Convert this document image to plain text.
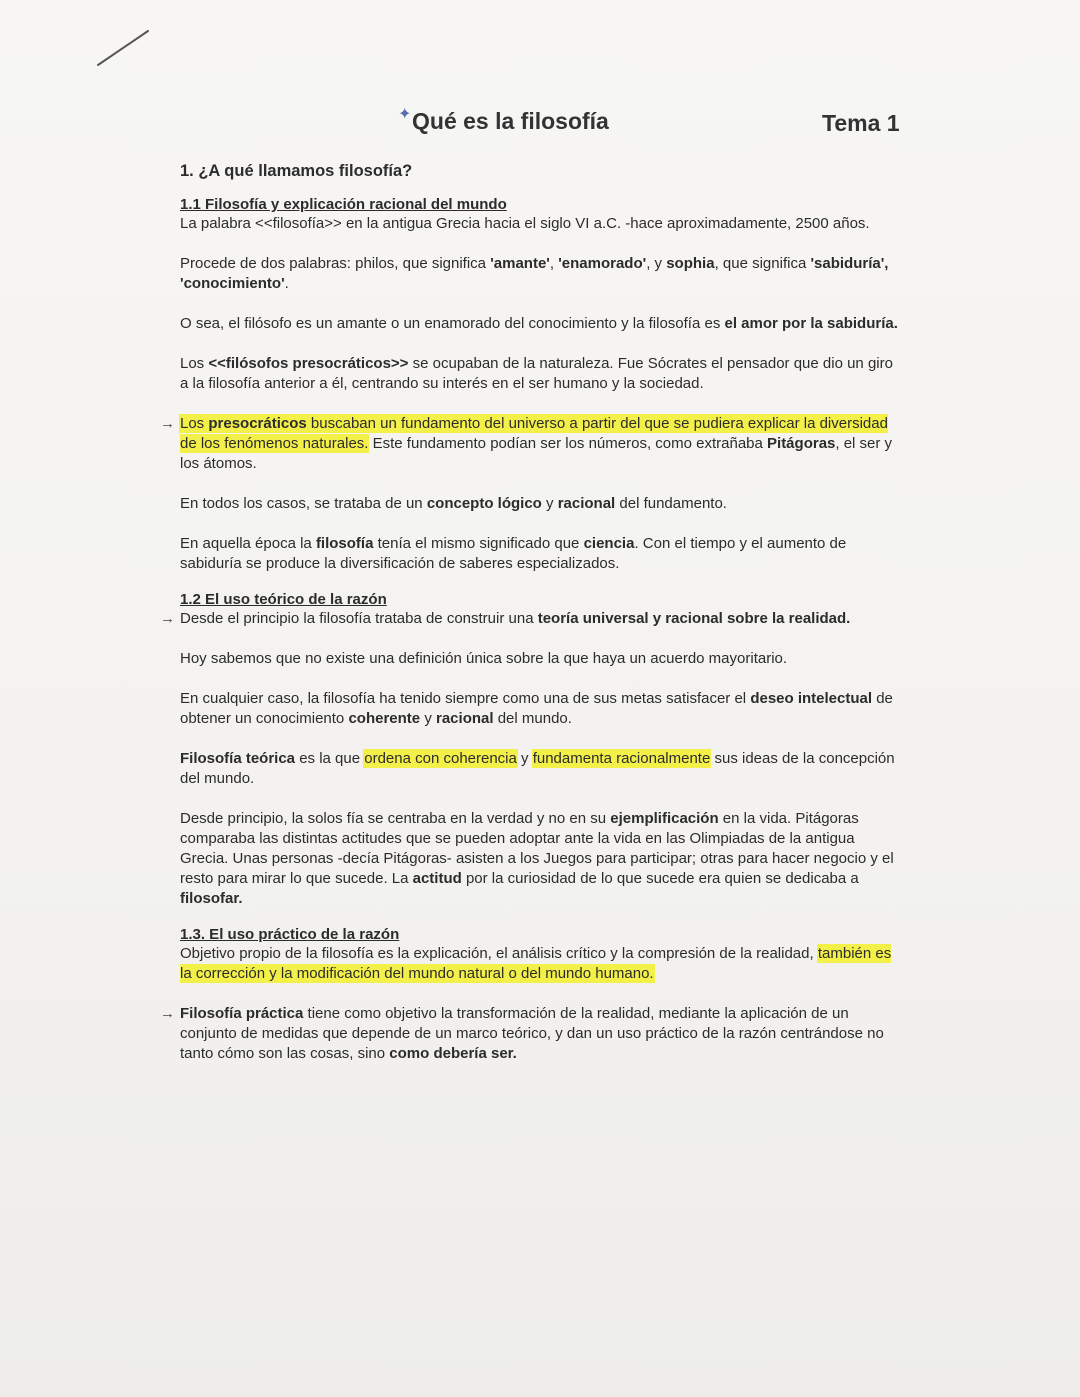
✦ Qué es la filosofía	Tema 1
1. ¿A qué llamamos filosofía?
1.1 Filosofía y explicación racional del mundo

La palabra <<filosofía>> en la antigua Grecia hacia el siglo VI a.C. -hace aproximadamente, 2500 años.

Procede de dos palabras: philos, que significa 'amante', 'enamorado', y sophia, que significa 'sabiduría', 'conocimiento'.

O sea, el filósofo es un amante o un enamorado del conocimiento y la filosofía es el amor por la sabiduría.

Los <<filósofos presocráticos>> se ocupaban de la naturaleza. Fue Sócrates el pensador que dio un giro a la filosofía anterior a él, centrando su interés en el ser humano y la sociedad.

→ Los presocráticos buscaban un fundamento del universo a partir del que se pudiera explicar la diversidad de los fenómenos naturales. Este fundamento podían ser los números, como extrañaba Pitágoras, el ser y los átomos.

En todos los casos, se trataba de un concepto lógico y racional del fundamento.

En aquella época la filosofía tenía el mismo significado que ciencia. Con el tiempo y el aumento de sabiduría se produce la diversificación de saberes especializados.

1.2 El uso teórico de la razón

→ Desde el principio la filosofía trataba de construir una teoría universal y racional sobre la realidad.

Hoy sabemos que no existe una definición única sobre la que haya un acuerdo mayoritario.

En cualquier caso, la filosofía ha tenido siempre como una de sus metas satisfacer el deseo intelectual de obtener un conocimiento coherente y racional del mundo.

Filosofía teórica es la que ordena con coherencia y fundamenta racionalmente sus ideas de la concepción del mundo.

Desde principio, la solos fía se centraba en la verdad y no en su ejemplificación en la vida. Pitágoras comparaba las distintas actitudes que se pueden adoptar ante la vida en las Olimpiadas de la antigua Grecia. Unas personas -decía Pitágoras- asisten a los Juegos para participar; otras para hacer negocio y el resto para mirar lo que sucede. La actitud por la curiosidad de lo que sucede era quien se dedicaba a filosofar.

1.3. El uso práctico de la razón

Objetivo propio de la filosofía es la explicación, el análisis crítico y la compresión de la realidad, también es la corrección y la modificación del mundo natural o del mundo humano.

→ Filosofía práctica tiene como objetivo la transformación de la realidad, mediante la aplicación de un conjunto de medidas que depende de un marco teórico, y dan un uso práctico de la razón centrándose no tanto cómo son las cosas, sino como debería ser.
